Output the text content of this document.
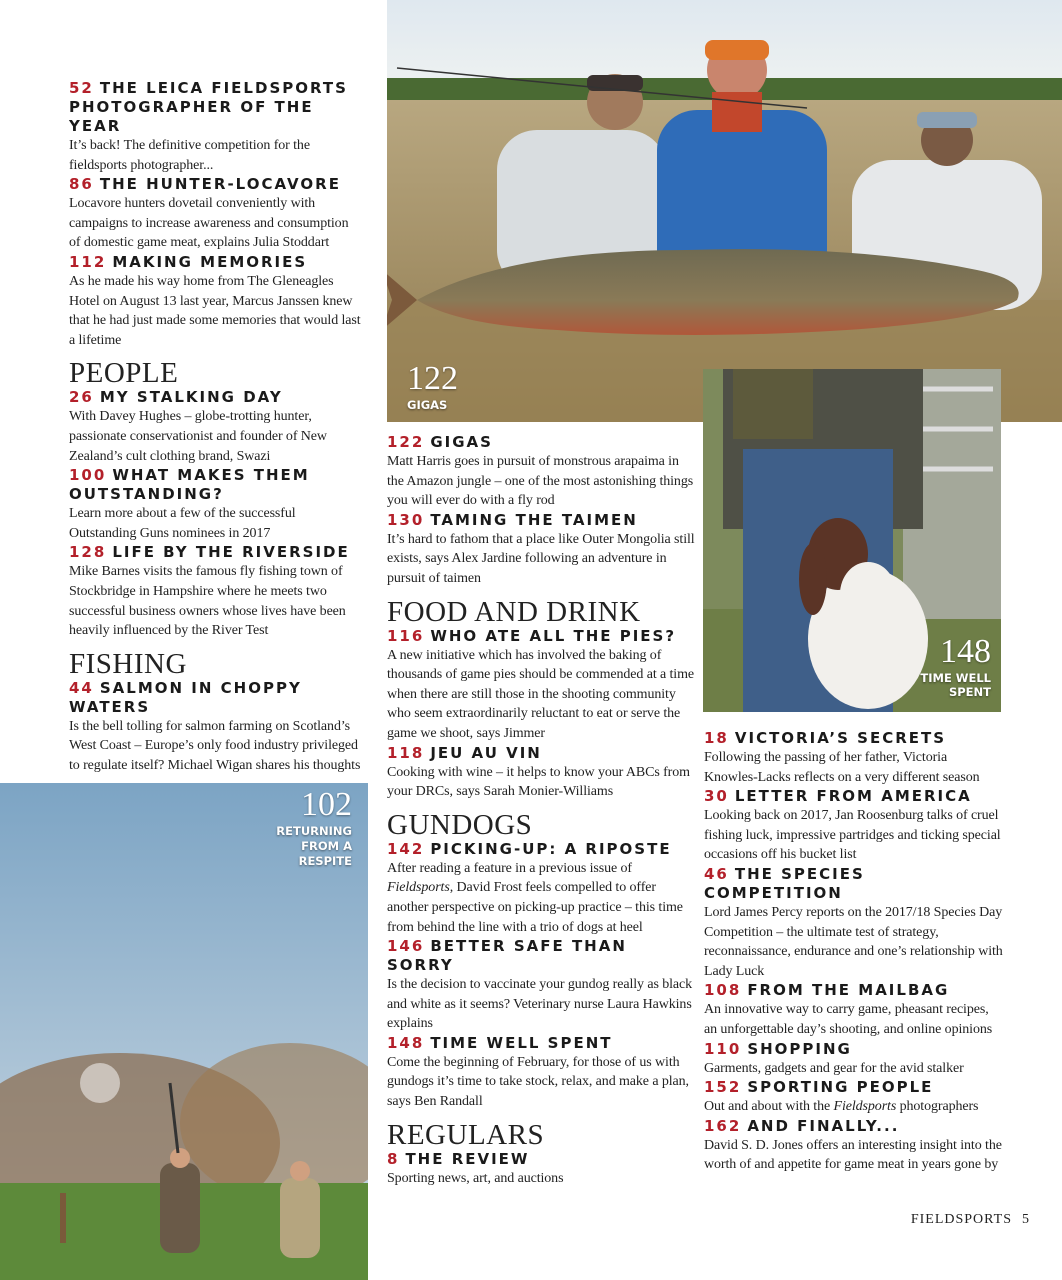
122
GIGAS
148
TIME WELL
SPENT
102
RETURNING
FROM A
RESPITE
52 THE LEICA FIELDSPORTS PHOTOGRAPHER OF THE YEAR
It’s back! The definitive competition for the fieldsports photographer...
86 THE HUNTER-LOCAVORE
Locavore hunters dovetail conveniently with campaigns to increase awareness and consumption of domestic game meat, explains Julia Stoddart
112 MAKING MEMORIES
As he made his way home from The Gleneagles Hotel on August 13 last year, Marcus Janssen knew that he had just made some memories that would last a lifetime
PEOPLE
26 MY STALKING DAY
With Davey Hughes – globe-trotting hunter, passionate conservationist and founder of New Zealand’s cult clothing brand, Swazi
100 WHAT MAKES THEM OUTSTANDING?
Learn more about a few of the successful Outstanding Guns nominees in 2017
128 LIFE BY THE RIVERSIDE
Mike Barnes visits the famous fly fishing town of Stockbridge in Hampshire where he meets two successful business owners whose lives have been heavily influenced by the River Test
FISHING
44 SALMON IN CHOPPY WATERS
Is the bell tolling for salmon farming on Scotland’s West Coast – Europe’s only food industry privileged to regulate itself? Michael Wigan shares his thoughts
122 GIGAS
Matt Harris goes in pursuit of monstrous arapaima in the Amazon jungle – one of the most astonishing things you will ever do with a fly rod
130 TAMING THE TAIMEN
It’s hard to fathom that a place like Outer Mongolia still exists, says Alex Jardine following an adventure in pursuit of taimen
FOOD AND DRINK
116 WHO ATE ALL THE PIES?
A new initiative which has involved the baking of thousands of game pies should be commended at a time when there are still those in the shooting community who seem extraordinarily reluctant to eat or serve the game we shoot, says Jimmer
118 JEU AU VIN
Cooking with wine – it helps to know your ABCs from your DRCs, says Sarah Monier-Williams
GUNDOGS
142 PICKING-UP: A RIPOSTE
After reading a feature in a previous issue of Fieldsports, David Frost feels compelled to offer another perspective on picking-up practice – this time from behind the line with a trio of dogs at heel
146 BETTER SAFE THAN SORRY
Is the decision to vaccinate your gundog really as black and white as it seems? Veterinary nurse Laura Hawkins explains
148 TIME WELL SPENT
Come the beginning of February, for those of us with gundogs it’s time to take stock, relax, and make a plan, says Ben Randall
REGULARS
8 THE REVIEW
Sporting news, art, and auctions
18 VICTORIA’S SECRETS
Following the passing of her father, Victoria Knowles-Lacks reflects on a very different season
30 LETTER FROM AMERICA
Looking back on 2017, Jan Roosenburg talks of cruel fishing luck, impressive partridges and ticking special occasions off his bucket list
46 THE SPECIES COMPETITION
Lord James Percy reports on the 2017/18 Species Day Competition – the ultimate test of strategy, reconnaissance, endurance and one’s relationship with Lady Luck
108 FROM THE MAILBAG
An innovative way to carry game, pheasant recipes, an unforgettable day’s shooting, and online opinions
110 SHOPPING
Garments, gadgets and gear for the avid stalker
152 SPORTING PEOPLE
Out and about with the Fieldsports photographers
162 AND FINALLY...
David S. D. Jones offers an interesting insight into the worth of and appetite for game meat in years gone by
FIELDSPORTS 5
